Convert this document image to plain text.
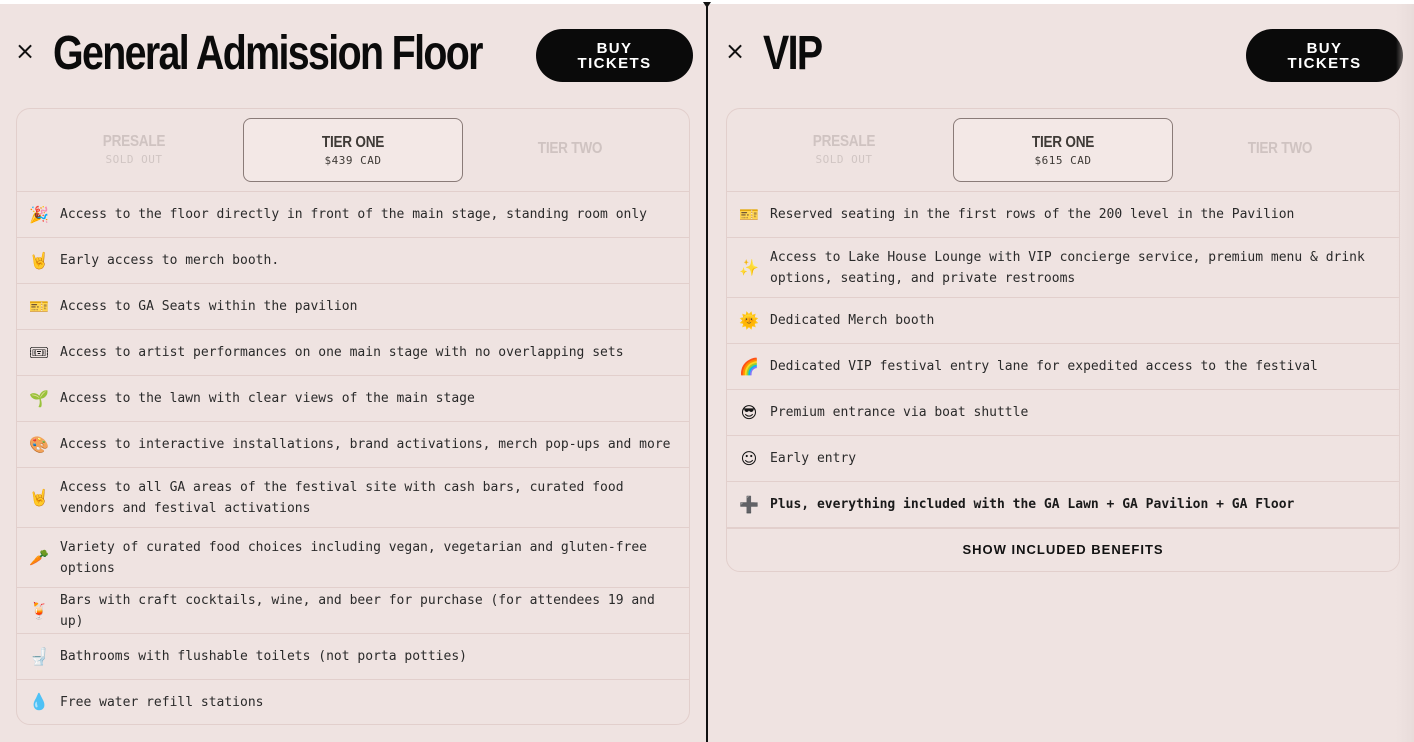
× General Admission Floor	BUY
TICKETS
PRESALE
SOLD OUT
TIER ONE
$439 CAD
TIER TWO
🎉 Access to the floor directly in front of the main stage, standing room only
🤘 Early access to merch booth.
🎫 Access to GA Seats within the pavilion
🎟 Access to artist performances on one main stage with no overlapping sets
🌱 Access to the lawn with clear views of the main stage
🎨 Access to interactive installations, brand activations, merch pop-ups and more
🤘
Access to all GA areas of the festival site with cash bars, curated food vendors and festival activations
🥕
Variety of curated food choices including vegan, vegetarian and gluten-free options
🍹
Bars with craft cocktails, wine, and beer for purchase (for attendees 19 and up)
🚽 Bathrooms with flushable toilets (not porta potties)
💧 Free water refill stations
× VIP	BUY
TICKETS
PRESALE
SOLD OUT
TIER ONE
$615 CAD
TIER TWO
🎫 Reserved seating in the first rows of the 200 level in the Pavilion
✨
Access to Lake House Lounge with VIP concierge service, premium menu & drink options, seating, and private restrooms
🌞 Dedicated Merch booth
🌈 Dedicated VIP festival entry lane for expedited access to the festival
😎 Premium entrance via boat shuttle
☺ Early entry
➕ Plus, everything included with the GA Lawn + GA Pavilion + GA Floor
SHOW INCLUDED BENEFITS
